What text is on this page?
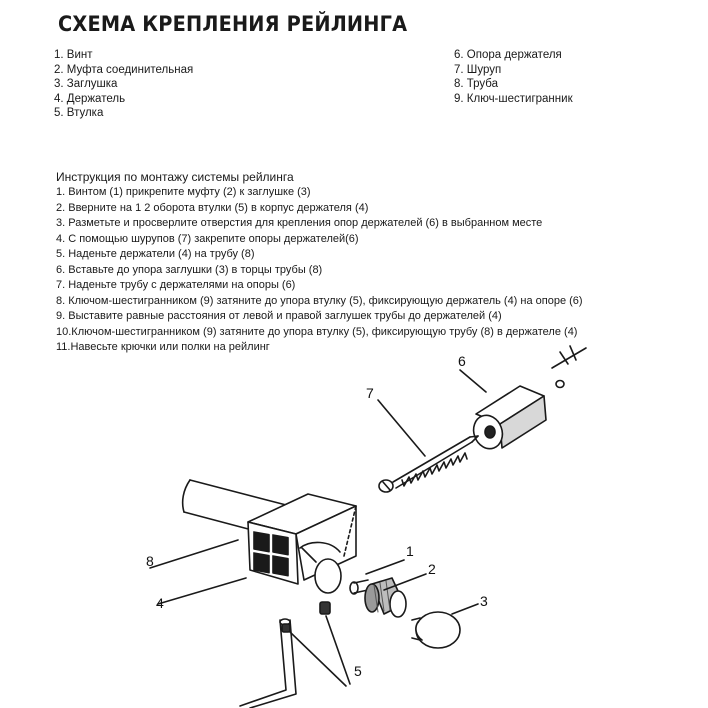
СХЕМА КРЕПЛЕНИЯ РЕЙЛИНГА
1. Винт
2. Муфта соединительная
3. Заглушка
4. Держатель
5. Втулка
6. Опора держателя
7. Шуруп
8. Труба
9. Ключ-шестигранник
Инструкция по монтажу системы рейлинга
1. Винтом (1) прикрепите муфту (2) к заглушке (3)
2. Вверните на 1 2 оборота втулки (5) в корпус держателя (4)
3. Разметьте и просверлите отверстия для крепления опор держателей (6) в выбранном месте
4. С помощью шурупов (7) закрепите опоры держателей(6)
5. Наденьте держатели (4) на трубу (8)
6. Вставьте до упора заглушки (3) в торцы трубы (8)
7. Наденьте трубу с держателями на опоры (6)
8. Ключом-шестигранником (9) затяните до упора втулку (5), фиксирующую держатель (4) на опоре (6)
9. Выставите равные расстояния от левой и правой заглушек трубы до держателей (4)
10.Ключом-шестигранником (9) затяните до упора втулку (5), фиксирующую трубу (8) в держателе (4)
11.Навесьте крючки или полки на рейлинг
6
7
8
4
1
2
3
5
